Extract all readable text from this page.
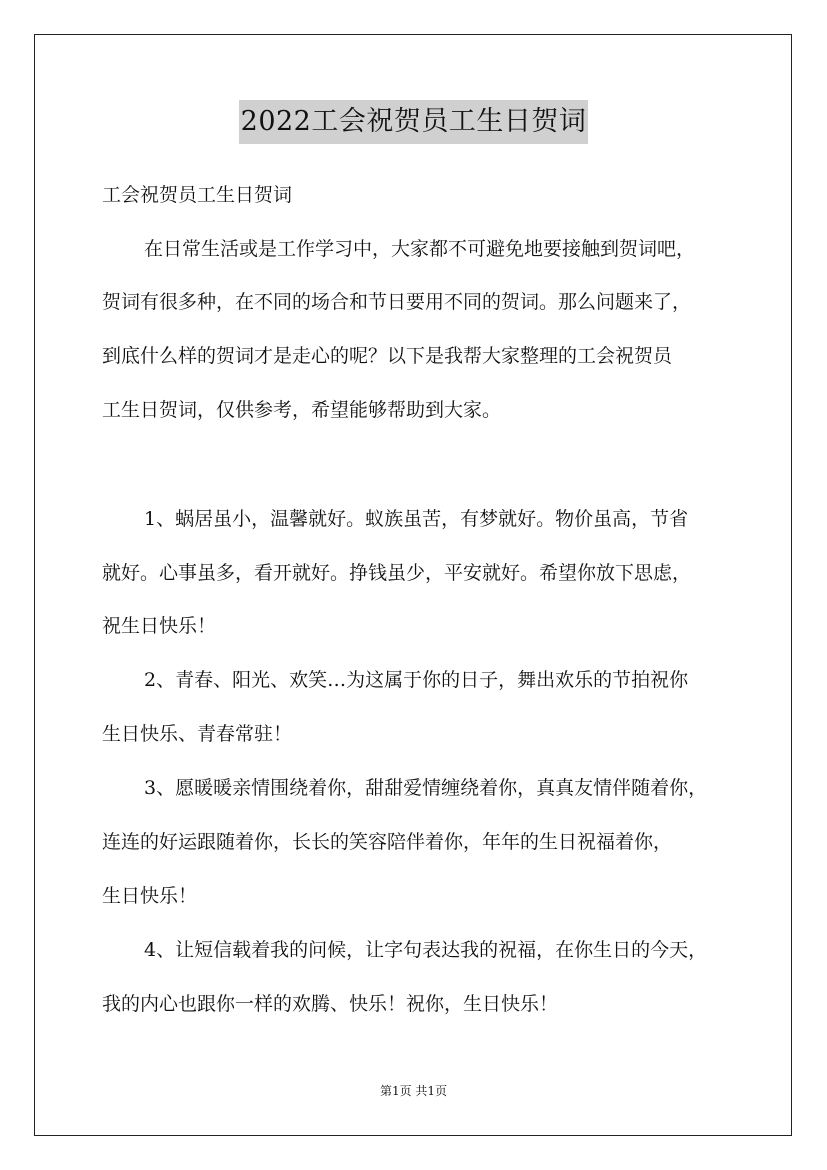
2022工会祝贺员工生日贺词
工会祝贺员工生日贺词
在日常生活或是工作学习中，大家都不可避免地要接触到贺词吧，
贺词有很多种，在不同的场合和节日要用不同的贺词。那么问题来了，
到底什么样的贺词才是走心的呢？以下是我帮大家整理的工会祝贺员
工生日贺词，仅供参考，希望能够帮助到大家。
1、蜗居虽小，温馨就好。蚁族虽苦，有梦就好。物价虽高，节省
就好。心事虽多，看开就好。挣钱虽少，平安就好。希望你放下思虑，
祝生日快乐！
2、青春、阳光、欢笑…为这属于你的日子，舞出欢乐的节拍祝你
生日快乐、青春常驻！
3、愿暖暖亲情围绕着你，甜甜爱情缠绕着你，真真友情伴随着你，
连连的好运跟随着你，长长的笑容陪伴着你，年年的生日祝福着你，
生日快乐！
4、让短信载着我的问候，让字句表达我的祝福，在你生日的今天，
我的内心也跟你一样的欢腾、快乐！祝你，生日快乐！
第1页 共1页
